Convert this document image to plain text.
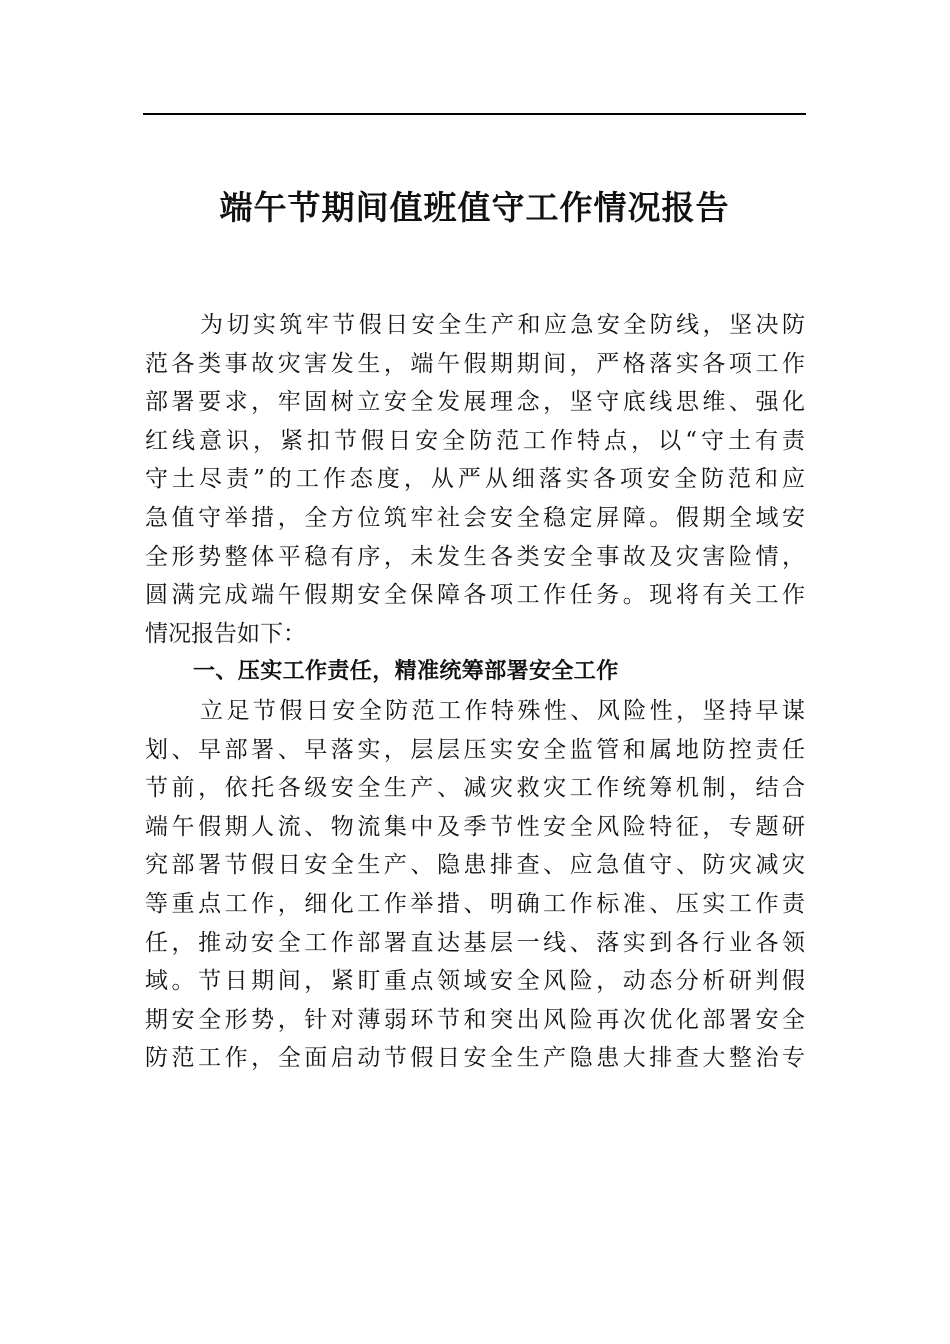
端午节期间值班值守工作情况报告
为切实筑牢节假日安全生产和应急安全防线，坚决防
范各类事故灾害发生，端午假期期间，严格落实各项工作
部署要求，牢固树立安全发展理念，坚守底线思维、强化
红线意识，紧扣节假日安全防范工作特点，以“守土有责
守土尽责”的工作态度，从严从细落实各项安全防范和应
急值守举措，全方位筑牢社会安全稳定屏障。假期全域安
全形势整体平稳有序，未发生各类安全事故及灾害险情，
圆满完成端午假期安全保障各项工作任务。现将有关工作
情况报告如下：
一、压实工作责任，精准统筹部署安全工作
立足节假日安全防范工作特殊性、风险性，坚持早谋
划、早部署、早落实，层层压实安全监管和属地防控责任
节前，依托各级安全生产、减灾救灾工作统筹机制，结合
端午假期人流、物流集中及季节性安全风险特征，专题研
究部署节假日安全生产、隐患排查、应急值守、防灾减灾
等重点工作，细化工作举措、明确工作标准、压实工作责
任，推动安全工作部署直达基层一线、落实到各行业各领
域。节日期间，紧盯重点领域安全风险，动态分析研判假
期安全形势，针对薄弱环节和突出风险再次优化部署安全
防范工作，全面启动节假日安全生产隐患大排查大整治专
